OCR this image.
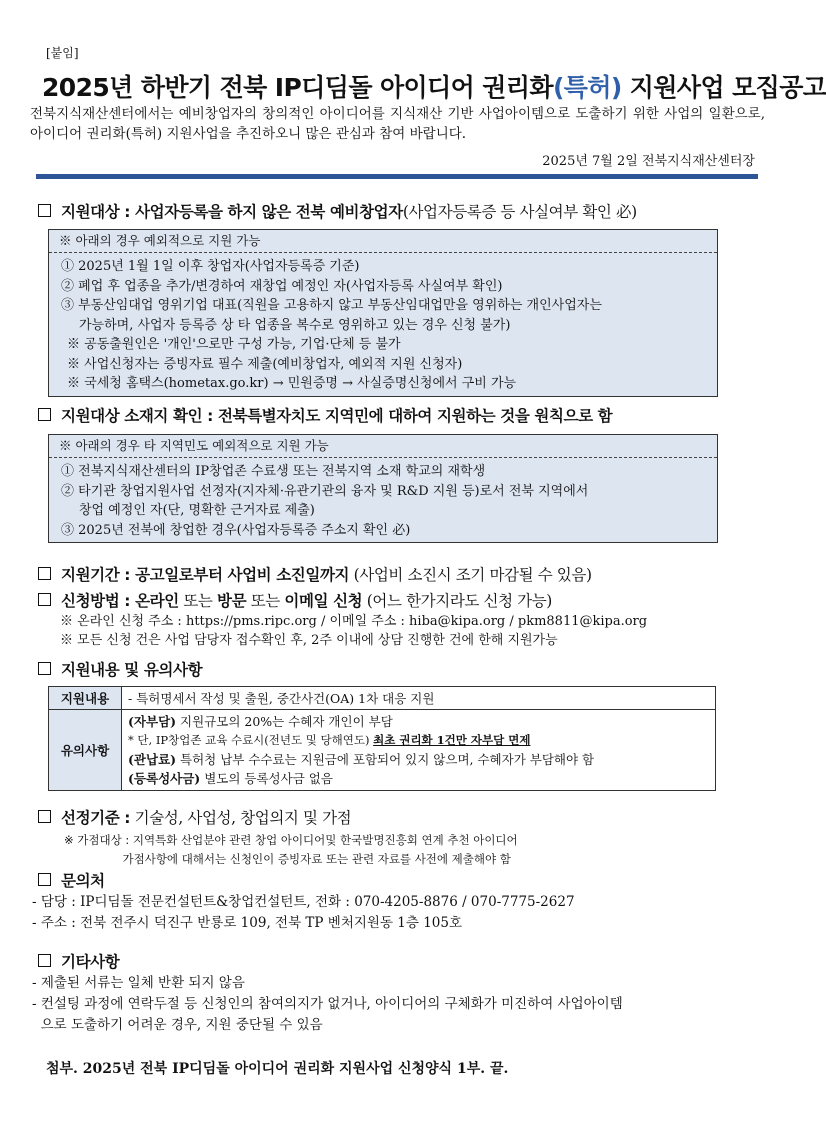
[붙임]
2025년 하반기 전북 IP디딤돌 아이디어 권리화(특허) 지원사업 모집공고
전북지식재산센터에서는 예비창업자의 창의적인 아이디어를 지식재산 기반 사업아이템으로 도출하기 위한 사업의 일환으로, 아이디어 권리화(특허) 지원사업을 추진하오니 많은 관심과 참여 바랍니다.
2025년 7월 2일 전북지식재산센터장
지원대상 : 사업자등록을 하지 않은 전북 예비창업자(사업자등록증 등 사실여부 확인 必)
※ 아래의 경우 예외적으로 지원 가능
① 2025년 1월 1일 이후 창업자(사업자등록증 기준)
② 폐업 후 업종을 추가/변경하여 재창업 예정인 자(사업자등록 사실여부 확인)
③ 부동산임대업 영위기업 대표(직원을 고용하지 않고 부동산임대업만을 영위하는 개인사업자는
가능하며, 사업자 등록증 상 타 업종을 복수로 영위하고 있는 경우 신청 불가)
※ 공동출원인은 '개인'으로만 구성 가능, 기업·단체 등 불가
※ 사업신청자는 증빙자료 필수 제출(예비창업자, 예외적 지원 신청자)
※ 국세청 홈택스(hometax.go.kr) → 민원증명 → 사실증명신청에서 구비 가능
지원대상 소재지 확인 : 전북특별자치도 지역민에 대하여 지원하는 것을 원칙으로 함
※ 아래의 경우 타 지역민도 예외적으로 지원 가능
① 전북지식재산센터의 IP창업존 수료생 또는 전북지역 소재 학교의 재학생
② 타기관 창업지원사업 선정자(지자체·유관기관의 융자 및 R&D 지원 등)로서 전북 지역에서
창업 예정인 자(단, 명확한 근거자료 제출)
③ 2025년 전북에 창업한 경우(사업자등록증 주소지 확인 必)
지원기간 : 공고일로부터 사업비 소진일까지 (사업비 소진시 조기 마감될 수 있음)
신청방법 : 온라인 또는 방문 또는 이메일 신청 (어느 한가지라도 신청 가능)
※ 온라인 신청 주소 : https://pms.ripc.org / 이메일 주소 : hiba@kipa.org / pkm8811@kipa.org
※ 모든 신청 건은 사업 담당자 접수확인 후, 2주 이내에 상담 진행한 건에 한해 지원가능
지원내용 및 유의사항
지원내용	- 특허명세서 작성 및 출원, 중간사건(OA) 1차 대응 지원
유의사항	(자부담) 지원규모의 20%는 수혜자 개인이 부담
* 단, IP창업존 교육 수료시(전년도 및 당해연도) 최초 권리화 1건만 자부담 면제
(관납료) 특허청 납부 수수료는 지원금에 포함되어 있지 않으며, 수혜자가 부담해야 함
(등록성사금) 별도의 등록성사금 없음
선정기준 : 기술성, 사업성, 창업의지 및 가점
※ 가점대상 : 지역특화 산업분야 관련 창업 아이디어및 한국발명진흥회 연계 추천 아이디어
가점사항에 대해서는 신청인이 증빙자료 또는 관련 자료를 사전에 제출해야 함
문의처
- 담당 : IP디딤돌 전문컨설턴트&창업컨설턴트, 전화 : 070-4205-8876 / 070-7775-2627
- 주소 : 전북 전주시 덕진구 반룡로 109, 전북 TP 벤처지원동 1층 105호
기타사항
- 제출된 서류는 일체 반환 되지 않음
- 컨설팅 과정에 연락두절 등 신청인의 참여의지가 없거나, 아이디어의 구체화가 미진하여 사업아이템
으로 도출하기 어려운 경우, 지원 중단될 수 있음
첨부. 2025년 전북 IP디딤돌 아이디어 권리화 지원사업 신청양식 1부. 끝.
